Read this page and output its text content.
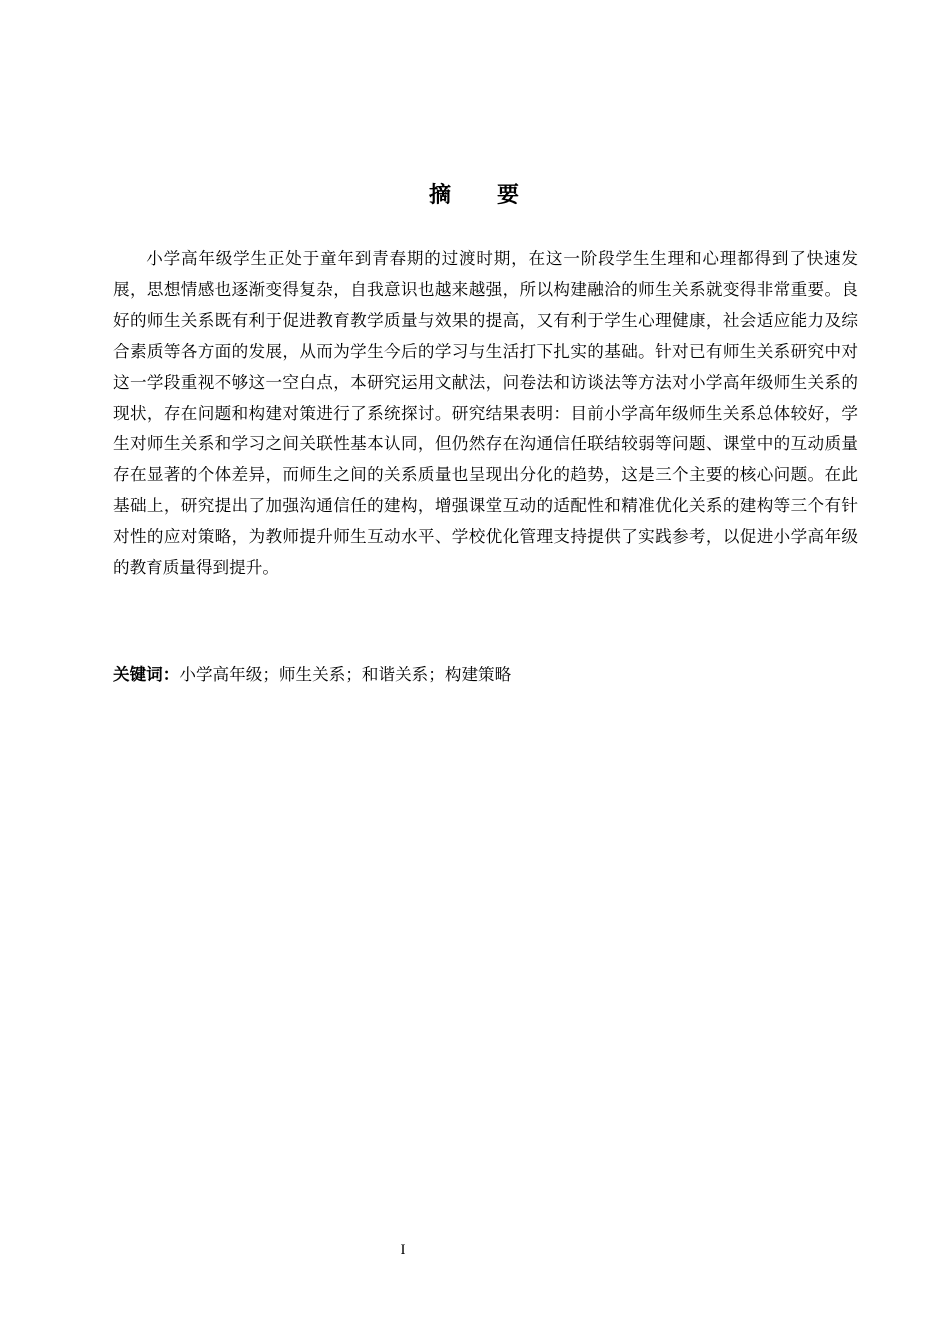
摘 要

小学高年级学生正处于童年到青春期的过渡时期，在这一阶段学生生理和心理都得到了快速发展，思想情感也逐渐变得复杂，自我意识也越来越强，所以构建融洽的师生关系就变得非常重要。良好的师生关系既有利于促进教育教学质量与效果的提高，又有利于学生心理健康，社会适应能力及综合素质等各方面的发展，从而为学生今后的学习与生活打下扎实的基础。针对已有师生关系研究中对这一学段重视不够这一空白点，本研究运用文献法，问卷法和访谈法等方法对小学高年级师生关系的现状，存在问题和构建对策进行了系统探讨。研究结果表明：目前小学高年级师生关系总体较好，学生对师生关系和学习之间关联性基本认同，但仍然存在沟通信任联结较弱等问题、课堂中的互动质量存在显著的个体差异，而师生之间的关系质量也呈现出分化的趋势，这是三个主要的核心问题。在此基础上，研究提出了加强沟通信任的建构，增强课堂互动的适配性和精准优化关系的建构等三个有针对性的应对策略，为教师提升师生互动水平、学校优化管理支持提供了实践参考，以促进小学高年级的教育质量得到提升。

关键词：小学高年级；师生关系；和谐关系；构建策略

I
